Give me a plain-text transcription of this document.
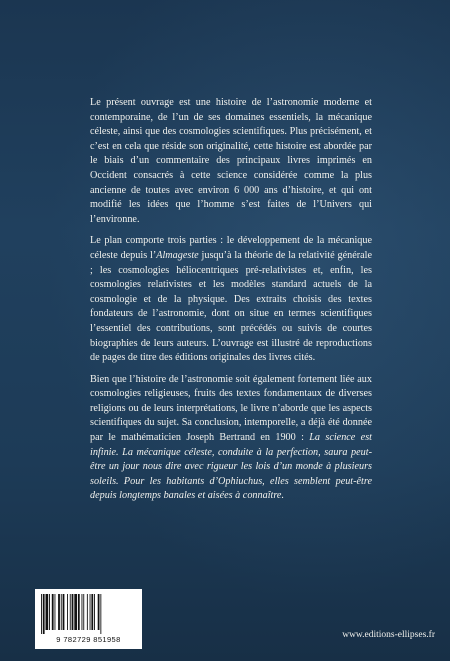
Le présent ouvrage est une histoire de l’astronomie moderne et contemporaine, de l’un de ses domaines essentiels, la mécanique céleste, ainsi que des cosmologies scientifiques. Plus précisément, et c’est en cela que réside son originalité, cette histoire est abordée par le biais d’un commentaire des principaux livres imprimés en Occident consacrés à cette science considérée comme la plus ancienne de toutes avec environ 6 000 ans d’histoire, et qui ont modifié les idées que l’homme s’est faites de l’Univers qui l’environne.

Le plan comporte trois parties : le développement de la mécanique céleste depuis l’Almageste jusqu’à la théorie de la relativité générale ; les cosmologies héliocentriques pré-relativistes et, enfin, les cosmologies relativistes et les modèles standard actuels de la cosmologie et de la physique. Des extraits choisis des textes fondateurs de l’astronomie, dont on situe en termes scientifiques l’essentiel des contributions, sont précédés ou suivis de courtes biographies de leurs auteurs. L’ouvrage est illustré de reproductions de pages de titre des éditions originales des livres cités.

Bien que l’histoire de l’astronomie soit également fortement liée aux cosmologies religieuses, fruits des textes fondamentaux de diverses religions ou de leurs interprétations, le livre n’aborde que les aspects scientifiques du sujet. Sa conclusion, intemporelle, a déjà été donnée par le mathématicien Joseph Bertrand en 1900 : La science est infinie. La mécanique céleste, conduite à la perfection, saura peut-être un jour nous dire avec rigueur les lois d’un monde à plusieurs soleils. Pour les habitants d’Ophiuchus, elles semblent peut-être depuis longtemps banales et aisées à connaître.

9 782729 851958	www.editions-ellipses.fr
